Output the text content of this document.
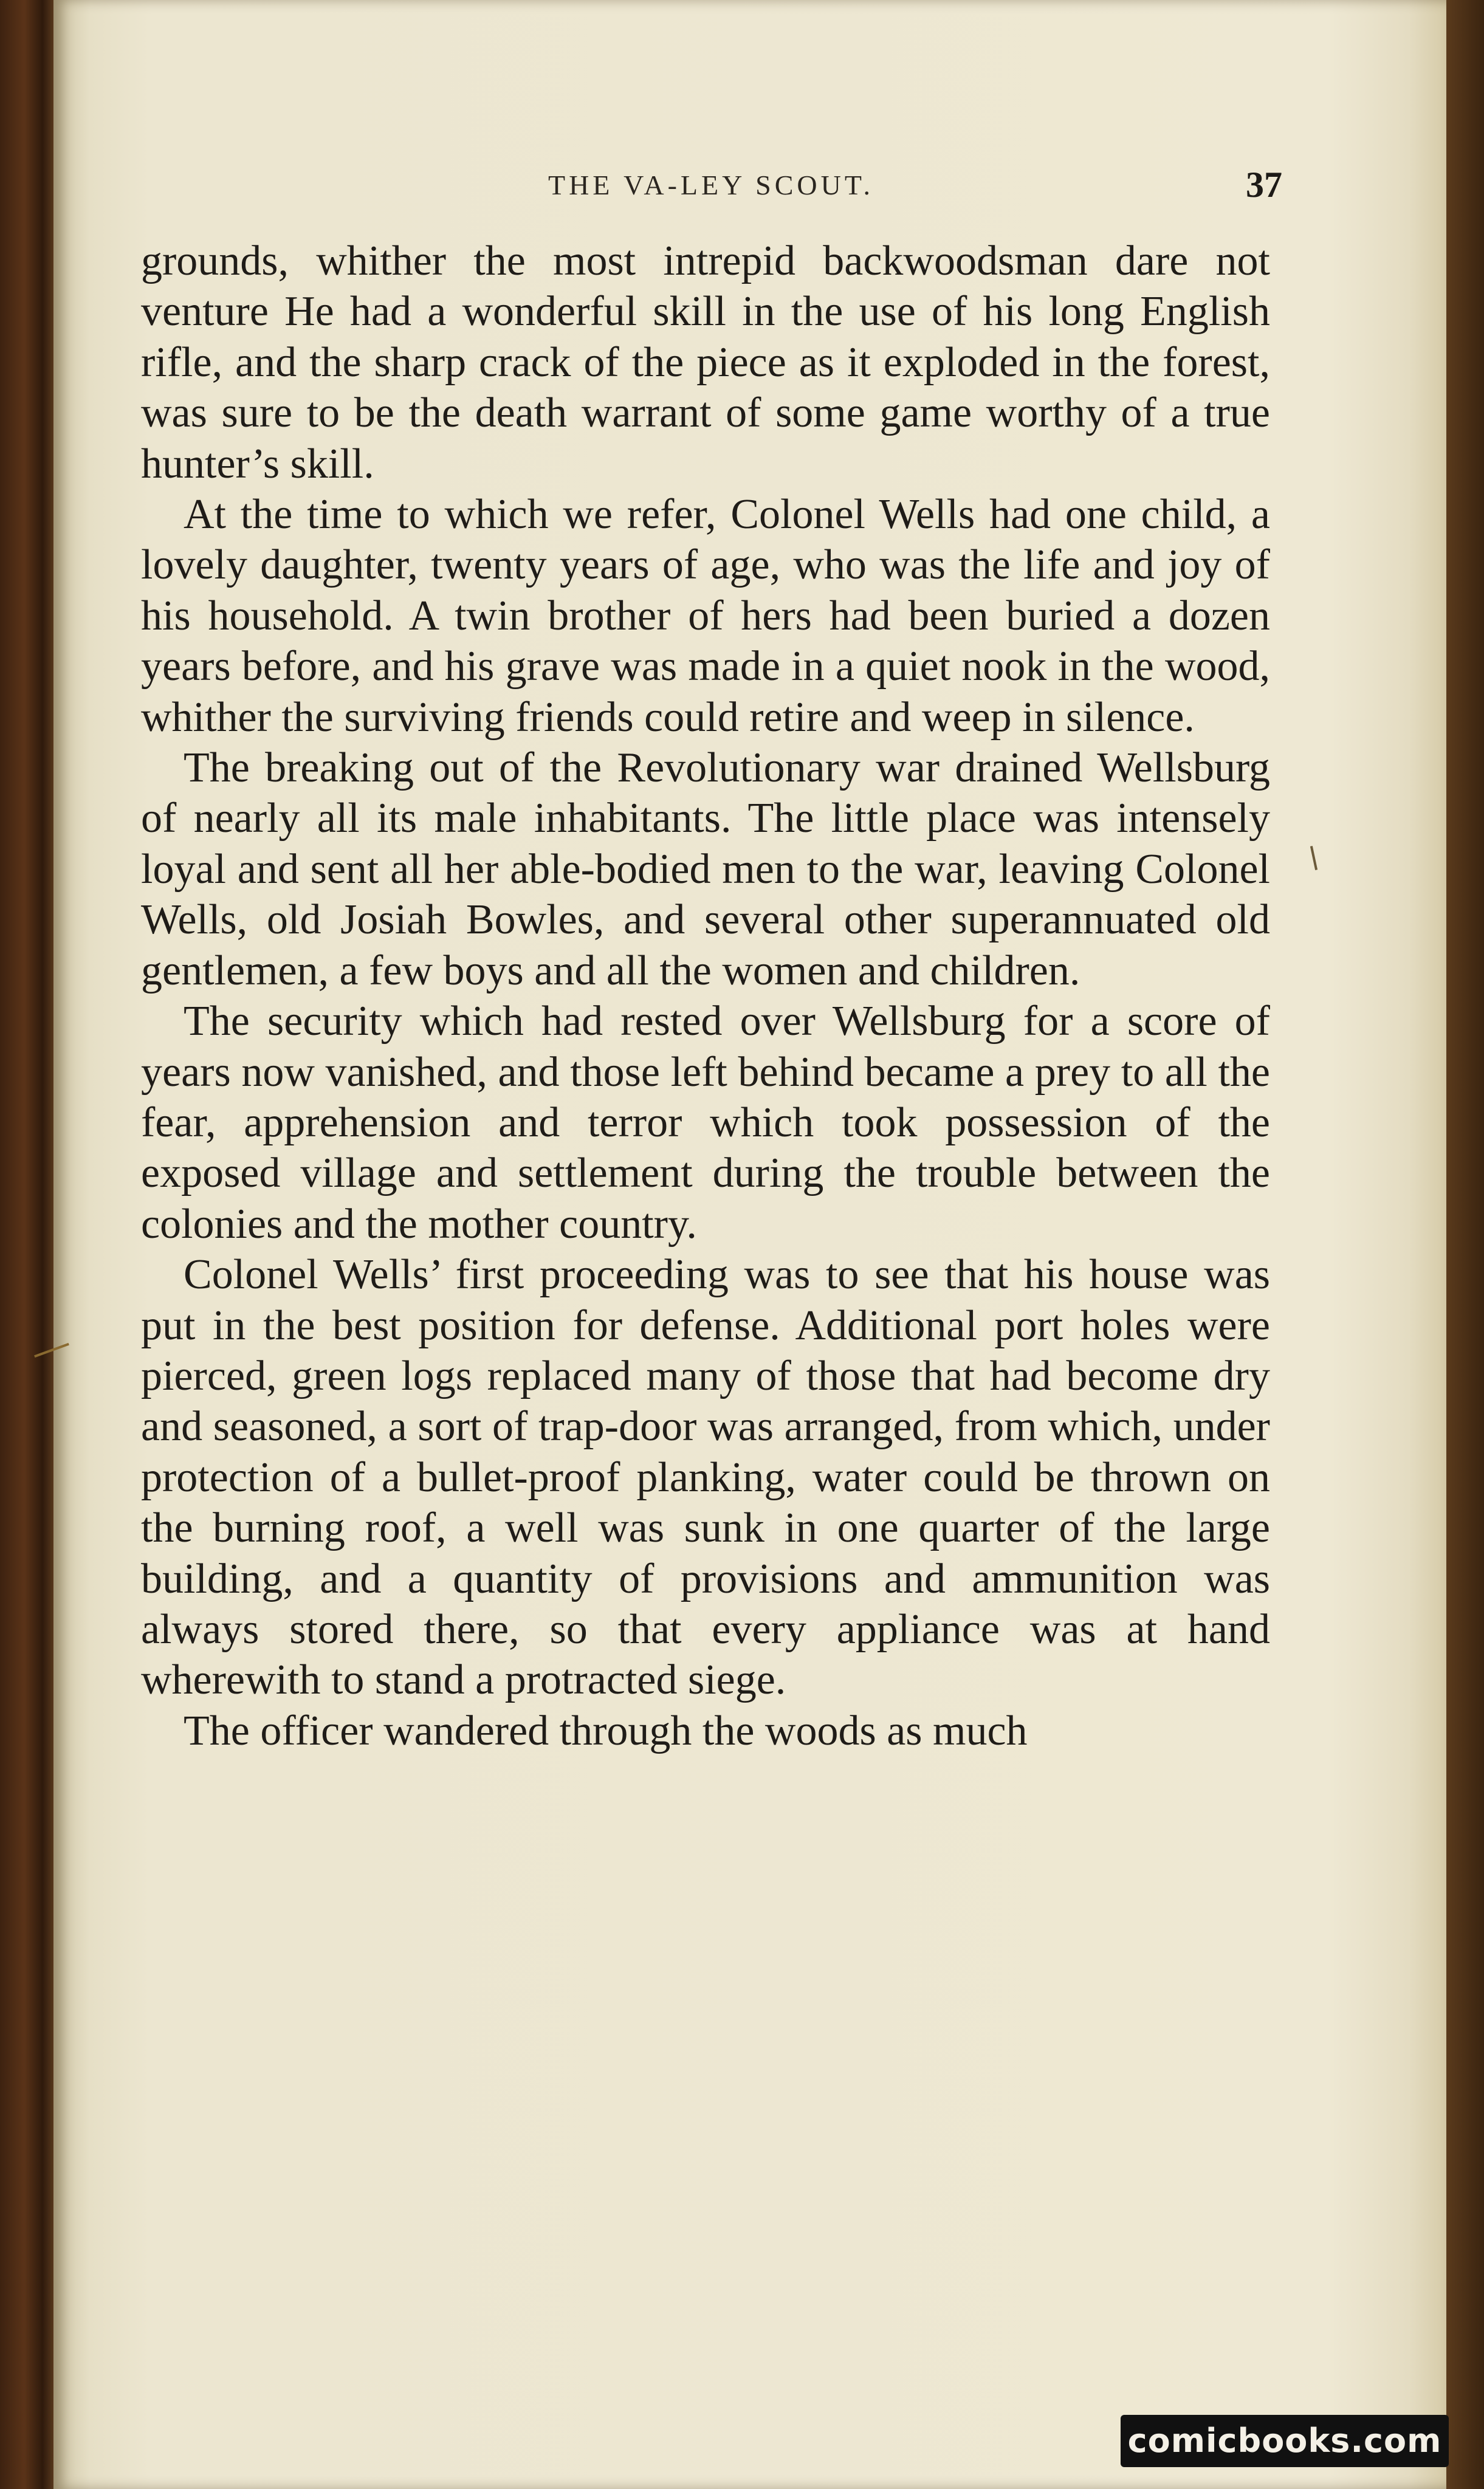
THE VA‑LEY SCOUT.	37

grounds, whither the most intrepid backwoodsman dare not venture He had a wonderful skill in the use of his long English rifle, and the sharp crack of the piece as it exploded in the forest, was sure to be the death warrant of some game worthy of a true hunter’s skill.

At the time to which we refer, Colonel Wells had one child, a lovely daughter, twenty years of age, who was the life and joy of his household. A twin brother of hers had been buried a dozen years before, and his grave was made in a quiet nook in the wood, whither the surviving friends could retire and weep in silence.

The breaking out of the Revolutionary war drained Wellsburg of nearly all its male inhabitants. The little place was intensely loyal and sent all her able-bodied men to the war, leaving Colonel Wells, old Josiah Bowles, and several other superannuated old gentlemen, a few boys and all the women and children.

The security which had rested over Wellsburg for a score of years now vanished, and those left behind became a prey to all the fear, apprehension and terror which took possession of the exposed village and settlement during the trouble between the colonies and the mother country.

Colonel Wells’ first proceeding was to see that his house was put in the best position for defense. Additional port holes were pierced, green logs replaced many of those that had become dry and seasoned, a sort of trap-door was arranged, from which, under protection of a bullet-proof planking, water could be thrown on the burning roof, a well was sunk in one quarter of the large building, and a quantity of provisions and ammunition was always stored there, so that every appliance was at hand wherewith to stand a protracted siege.

The officer wandered through the woods as much

comicbooks.com
